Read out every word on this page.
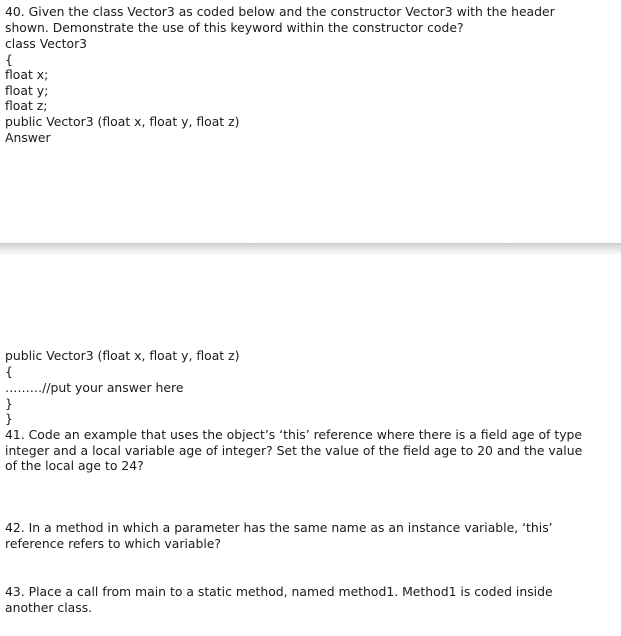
40. Given the class Vector3 as coded below and the constructor Vector3 with the header
shown. Demonstrate the use of this keyword within the constructor code?
class Vector3
{
float x;
float y;
float z;
public Vector3 (float x, float y, float z)
Answer
public Vector3 (float x, float y, float z)
{
………//put your answer here
}
}
41. Code an example that uses the object’s ‘this’ reference where there is a field age of type
integer and a local variable age of integer? Set the value of the field age to 20 and the value
of the local age to 24?
42. In a method in which a parameter has the same name as an instance variable, ‘this’
reference refers to which variable?
43. Place a call from main to a static method, named method1. Method1 is coded inside
another class.
